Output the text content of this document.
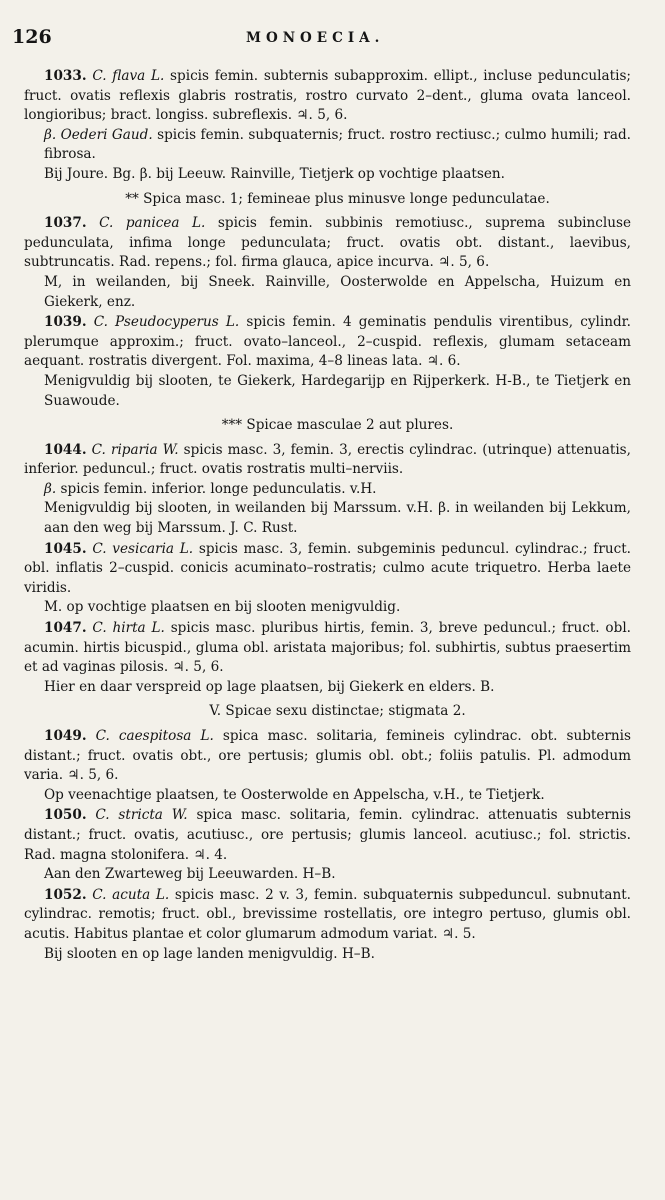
126	MONOECIA.

1033. C. flava L. spicis femin. subternis subapproxim. ellipt., incluse pedunculatis; fruct. ovatis reflexis glabris rostratis, rostro curvato 2–dent., gluma ovata lanceol. longioribus; bract. longiss. subreflexis. ♃. 5, 6.

β. Oederi Gaud. spicis femin. subquaternis; fruct. rostro rectiusc.; culmo humili; rad. fibrosa.

Bij Joure. Bg. β. bij Leeuw. Rainville, Tietjerk op vochtige plaatsen.

** Spica masc. 1; femineae plus minusve longe pedunculatae.

1037. C. panicea L. spicis femin. subbinis remotiusc., suprema subincluse pedunculata, infima longe pedunculata; fruct. ovatis obt. distant., laevibus, subtruncatis. Rad. repens.; fol. firma glauca, apice incurva. ♃. 5, 6.

M, in weilanden, bij Sneek. Rainville, Oosterwolde en Appelscha, Huizum en Giekerk, enz.

1039. C. Pseudocyperus L. spicis femin. 4 geminatis pendulis virentibus, cylindr. plerumque approxim.; fruct. ovato–lanceol., 2–cuspid. reflexis, glumam setaceam aequant. rostratis divergent. Fol. maxima, 4–8 lineas lata. ♃. 6.

Menigvuldig bij slooten, te Giekerk, Hardegarijp en Rijperkerk. H-B., te Tietjerk en Suawoude.

*** Spicae masculae 2 aut plures.

1044. C. riparia W. spicis masc. 3, femin. 3, erectis cylindrac. (utrinque) attenuatis, inferior. peduncul.; fruct. ovatis rostratis multi–nerviis.

β. spicis femin. inferior. longe pedunculatis. v.H.

Menigvuldig bij slooten, in weilanden bij Marssum. v.H. β. in weilanden bij Lekkum, aan den weg bij Marssum. J. C. Rust.

1045. C. vesicaria L. spicis masc. 3, femin. subgeminis peduncul. cylindrac.; fruct. obl. inflatis 2–cuspid. conicis acuminato–rostratis; culmo acute triquetro. Herba laete viridis.

M. op vochtige plaatsen en bij slooten menigvuldig.

1047. C. hirta L. spicis masc. pluribus hirtis, femin. 3, breve peduncul.; fruct. obl. acumin. hirtis bicuspid., gluma obl. aristata majoribus; fol. subhirtis, subtus praesertim et ad vaginas pilosis. ♃. 5, 6.

Hier en daar verspreid op lage plaatsen, bij Giekerk en elders. B.

V. Spicae sexu distinctae; stigmata 2.

1049. C. caespitosa L. spica masc. solitaria, femineis cylindrac. obt. subternis distant.; fruct. ovatis obt., ore pertusis; glumis obl. obt.; foliis patulis. Pl. admodum varia. ♃. 5, 6.

Op veenachtige plaatsen, te Oosterwolde en Appelscha, v.H., te Tietjerk.

1050. C. stricta W. spica masc. solitaria, femin. cylindrac. attenuatis subternis distant.; fruct. ovatis, acutiusc., ore pertusis; glumis lanceol. acutiusc.; fol. strictis. Rad. magna stolonifera. ♃. 4.

Aan den Zwarteweg bij Leeuwarden. H–B.

1052. C. acuta L. spicis masc. 2 v. 3, femin. subquaternis subpeduncul. subnutant. cylindrac. remotis; fruct. obl., brevissime rostellatis, ore integro pertuso, glumis obl. acutis. Habitus plantae et color glumarum admodum variat. ♃. 5.

Bij slooten en op lage landen menigvuldig. H–B.
